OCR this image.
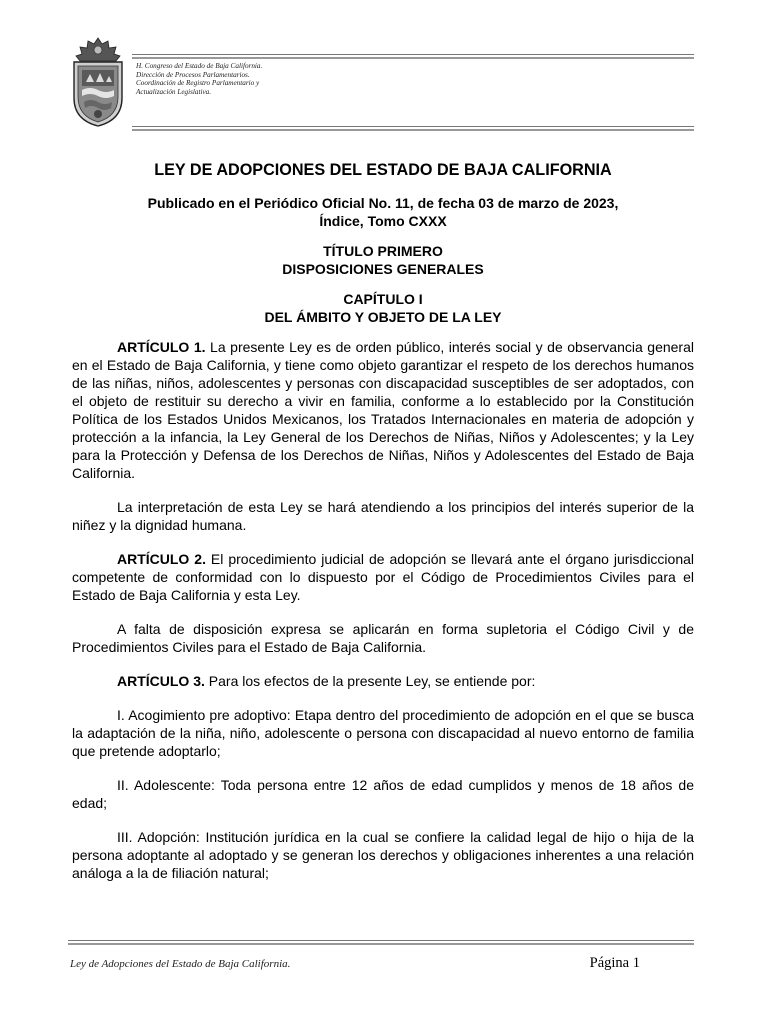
H. Congreso del Estado de Baja California.
Dirección de Procesos Parlamentarios.
Coordinación de Registro Parlamentario y
Actualización Legislativa.
LEY DE ADOPCIONES DEL ESTADO DE BAJA CALIFORNIA
Publicado en el Periódico Oficial No. 11, de fecha 03 de marzo de 2023,
Índice, Tomo CXXX
TÍTULO PRIMERO
DISPOSICIONES GENERALES
CAPÍTULO I
DEL ÁMBITO Y OBJETO DE LA LEY

ARTÍCULO 1. La presente Ley es de orden público, interés social y de observancia general en el Estado de Baja California, y tiene como objeto garantizar el respeto de los derechos humanos de las niñas, niños, adolescentes y personas con discapacidad susceptibles de ser adoptados, con el objeto de restituir su derecho a vivir en familia, conforme a lo establecido por la Constitución Política de los Estados Unidos Mexicanos, los Tratados Internacionales en materia de adopción y protección a la infancia, la Ley General de los Derechos de Niñas, Niños y Adolescentes; y la Ley para la Protección y Defensa de los Derechos de Niñas, Niños y Adolescentes del Estado de Baja California.

La interpretación de esta Ley se hará atendiendo a los principios del interés superior de la niñez y la dignidad humana.

ARTÍCULO 2. El procedimiento judicial de adopción se llevará ante el órgano jurisdiccional competente de conformidad con lo dispuesto por el Código de Procedimientos Civiles para el Estado de Baja California y esta Ley.

A falta de disposición expresa se aplicarán en forma supletoria el Código Civil y de Procedimientos Civiles para el Estado de Baja California.

ARTÍCULO 3. Para los efectos de la presente Ley, se entiende por:

I. Acogimiento pre adoptivo: Etapa dentro del procedimiento de adopción en el que se busca la adaptación de la niña, niño, adolescente o persona con discapacidad al nuevo entorno de familia que pretende adoptarlo;

II. Adolescente: Toda persona entre 12 años de edad cumplidos y menos de 18 años de edad;

III. Adopción: Institución jurídica en la cual se confiere la calidad legal de hijo o hija de la persona adoptante al adoptado y se generan los derechos y obligaciones inherentes a una relación análoga a la de filiación natural;

Ley de Adopciones del Estado de Baja California.	Página 1
